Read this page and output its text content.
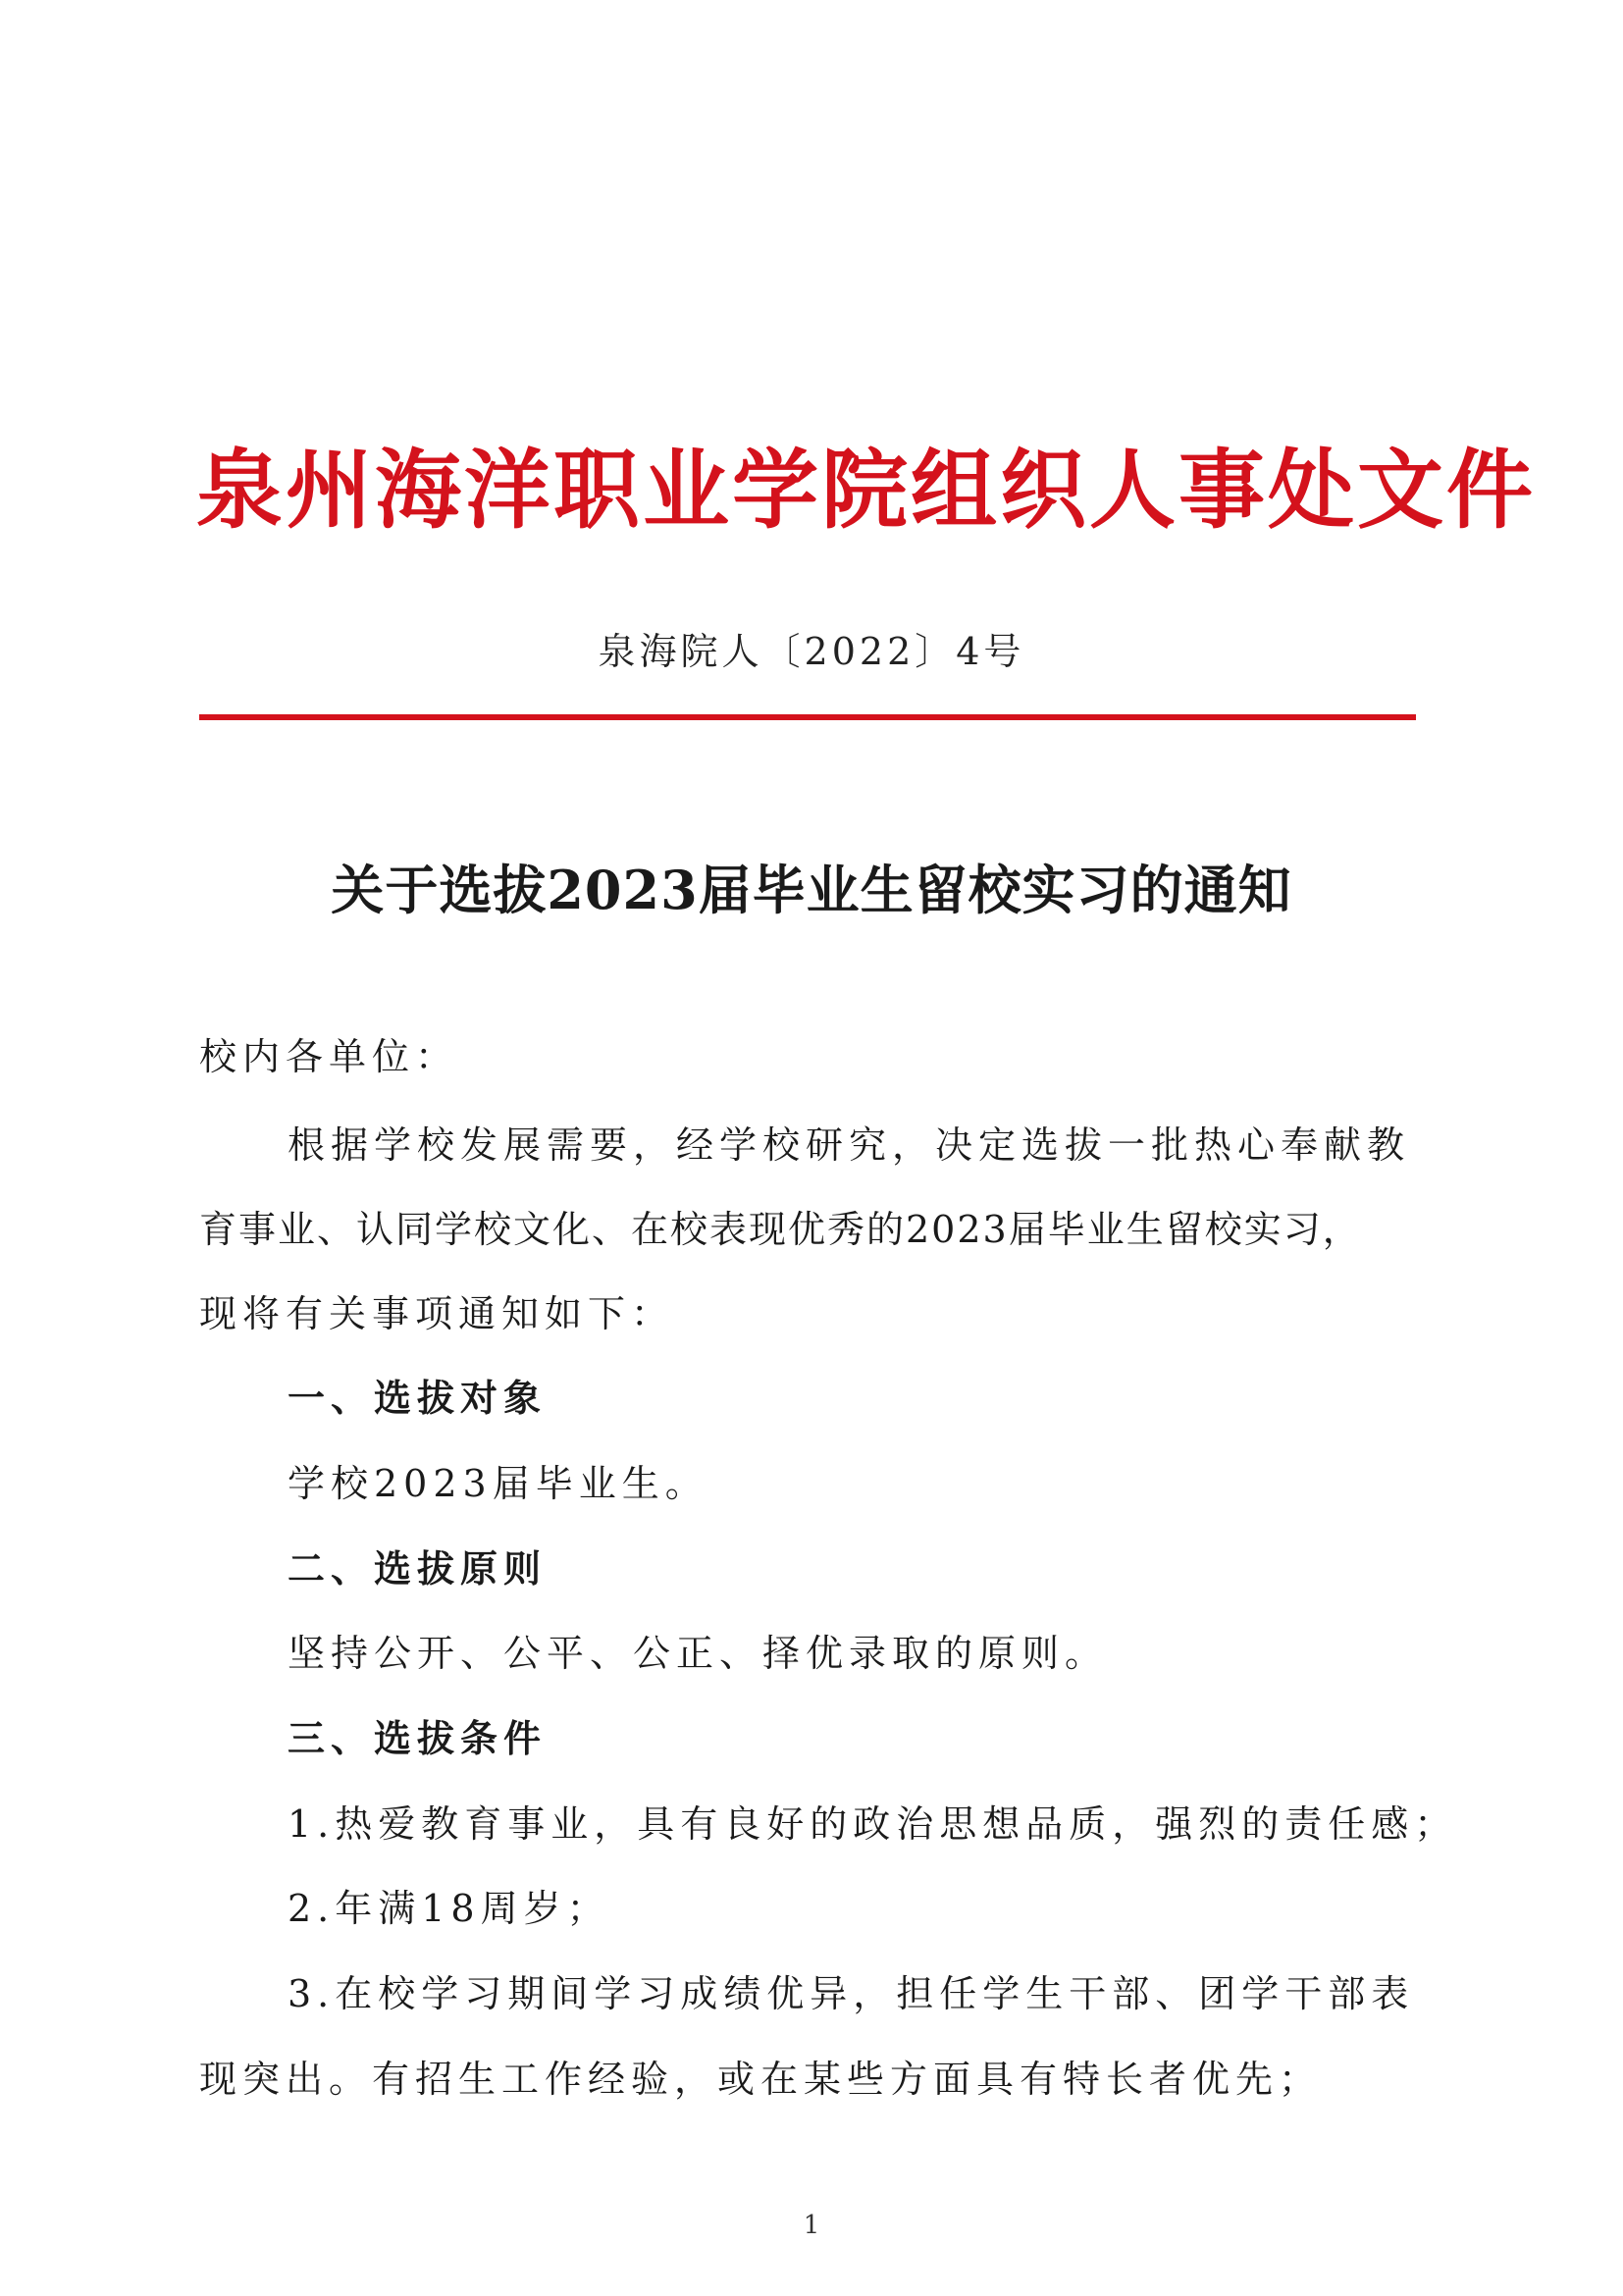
泉州海洋职业学院组织人事处文件
泉海院人〔2022〕4号
关于选拔2023届毕业生留校实习的通知
校内各单位：
根据学校发展需要，经学校研究，决定选拔一批热心奉献教
育事业、认同学校文化、在校表现优秀的2023届毕业生留校实习，
现将有关事项通知如下：
一、选拔对象
学校2023届毕业生。
二、选拔原则
坚持公开、公平、公正、择优录取的原则。
三、选拔条件
1.热爱教育事业，具有良好的政治思想品质，强烈的责任感；
2.年满18周岁；
3.在校学习期间学习成绩优异，担任学生干部、团学干部表
现突出。有招生工作经验，或在某些方面具有特长者优先；
1
